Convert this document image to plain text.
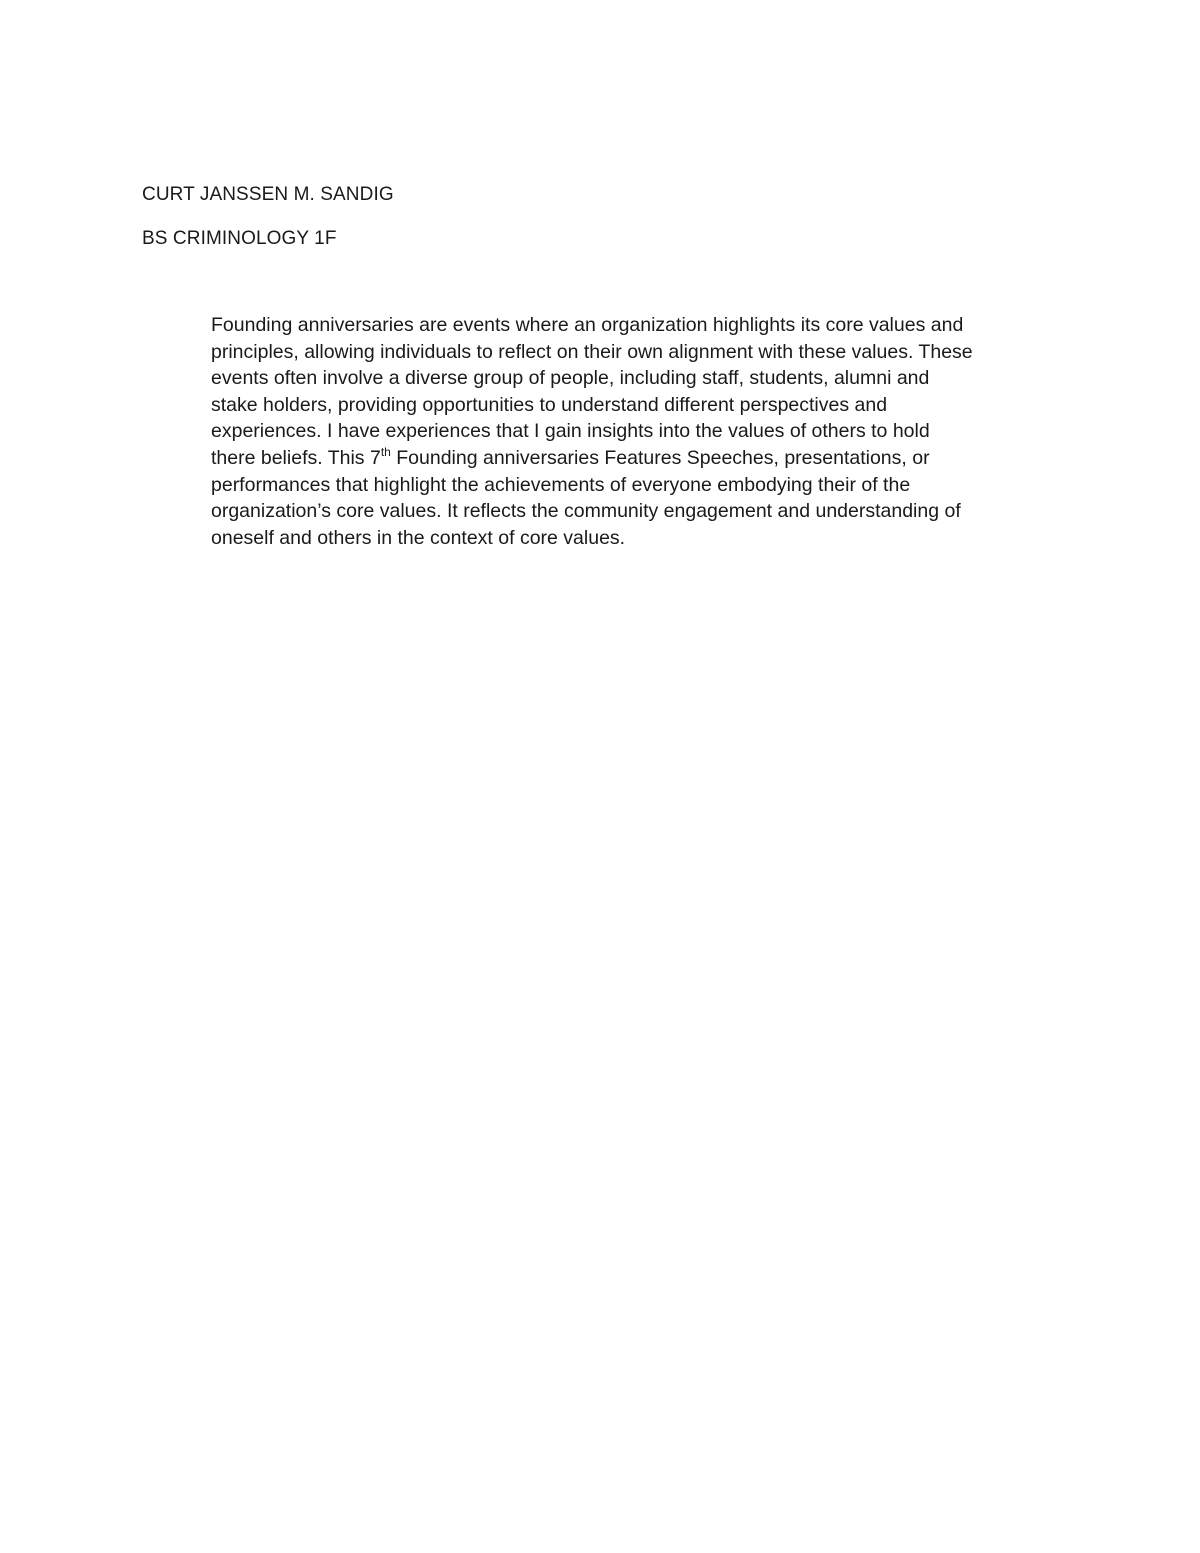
CURT JANSSEN M. SANDIG
BS CRIMINOLOGY 1F
Founding anniversaries are events where an organization highlights its core values and
principles, allowing individuals to reflect on their own alignment with these values. These
events often involve a diverse group of people, including staff, students, alumni and
stake holders, providing opportunities to understand different perspectives and
experiences. I have experiences that I gain insights into the values of others to hold
there beliefs. This 7th Founding anniversaries Features Speeches, presentations, or
performances that highlight the achievements of everyone embodying their of the
organization’s core values. It reflects the community engagement and understanding of
oneself and others in the context of core values.
